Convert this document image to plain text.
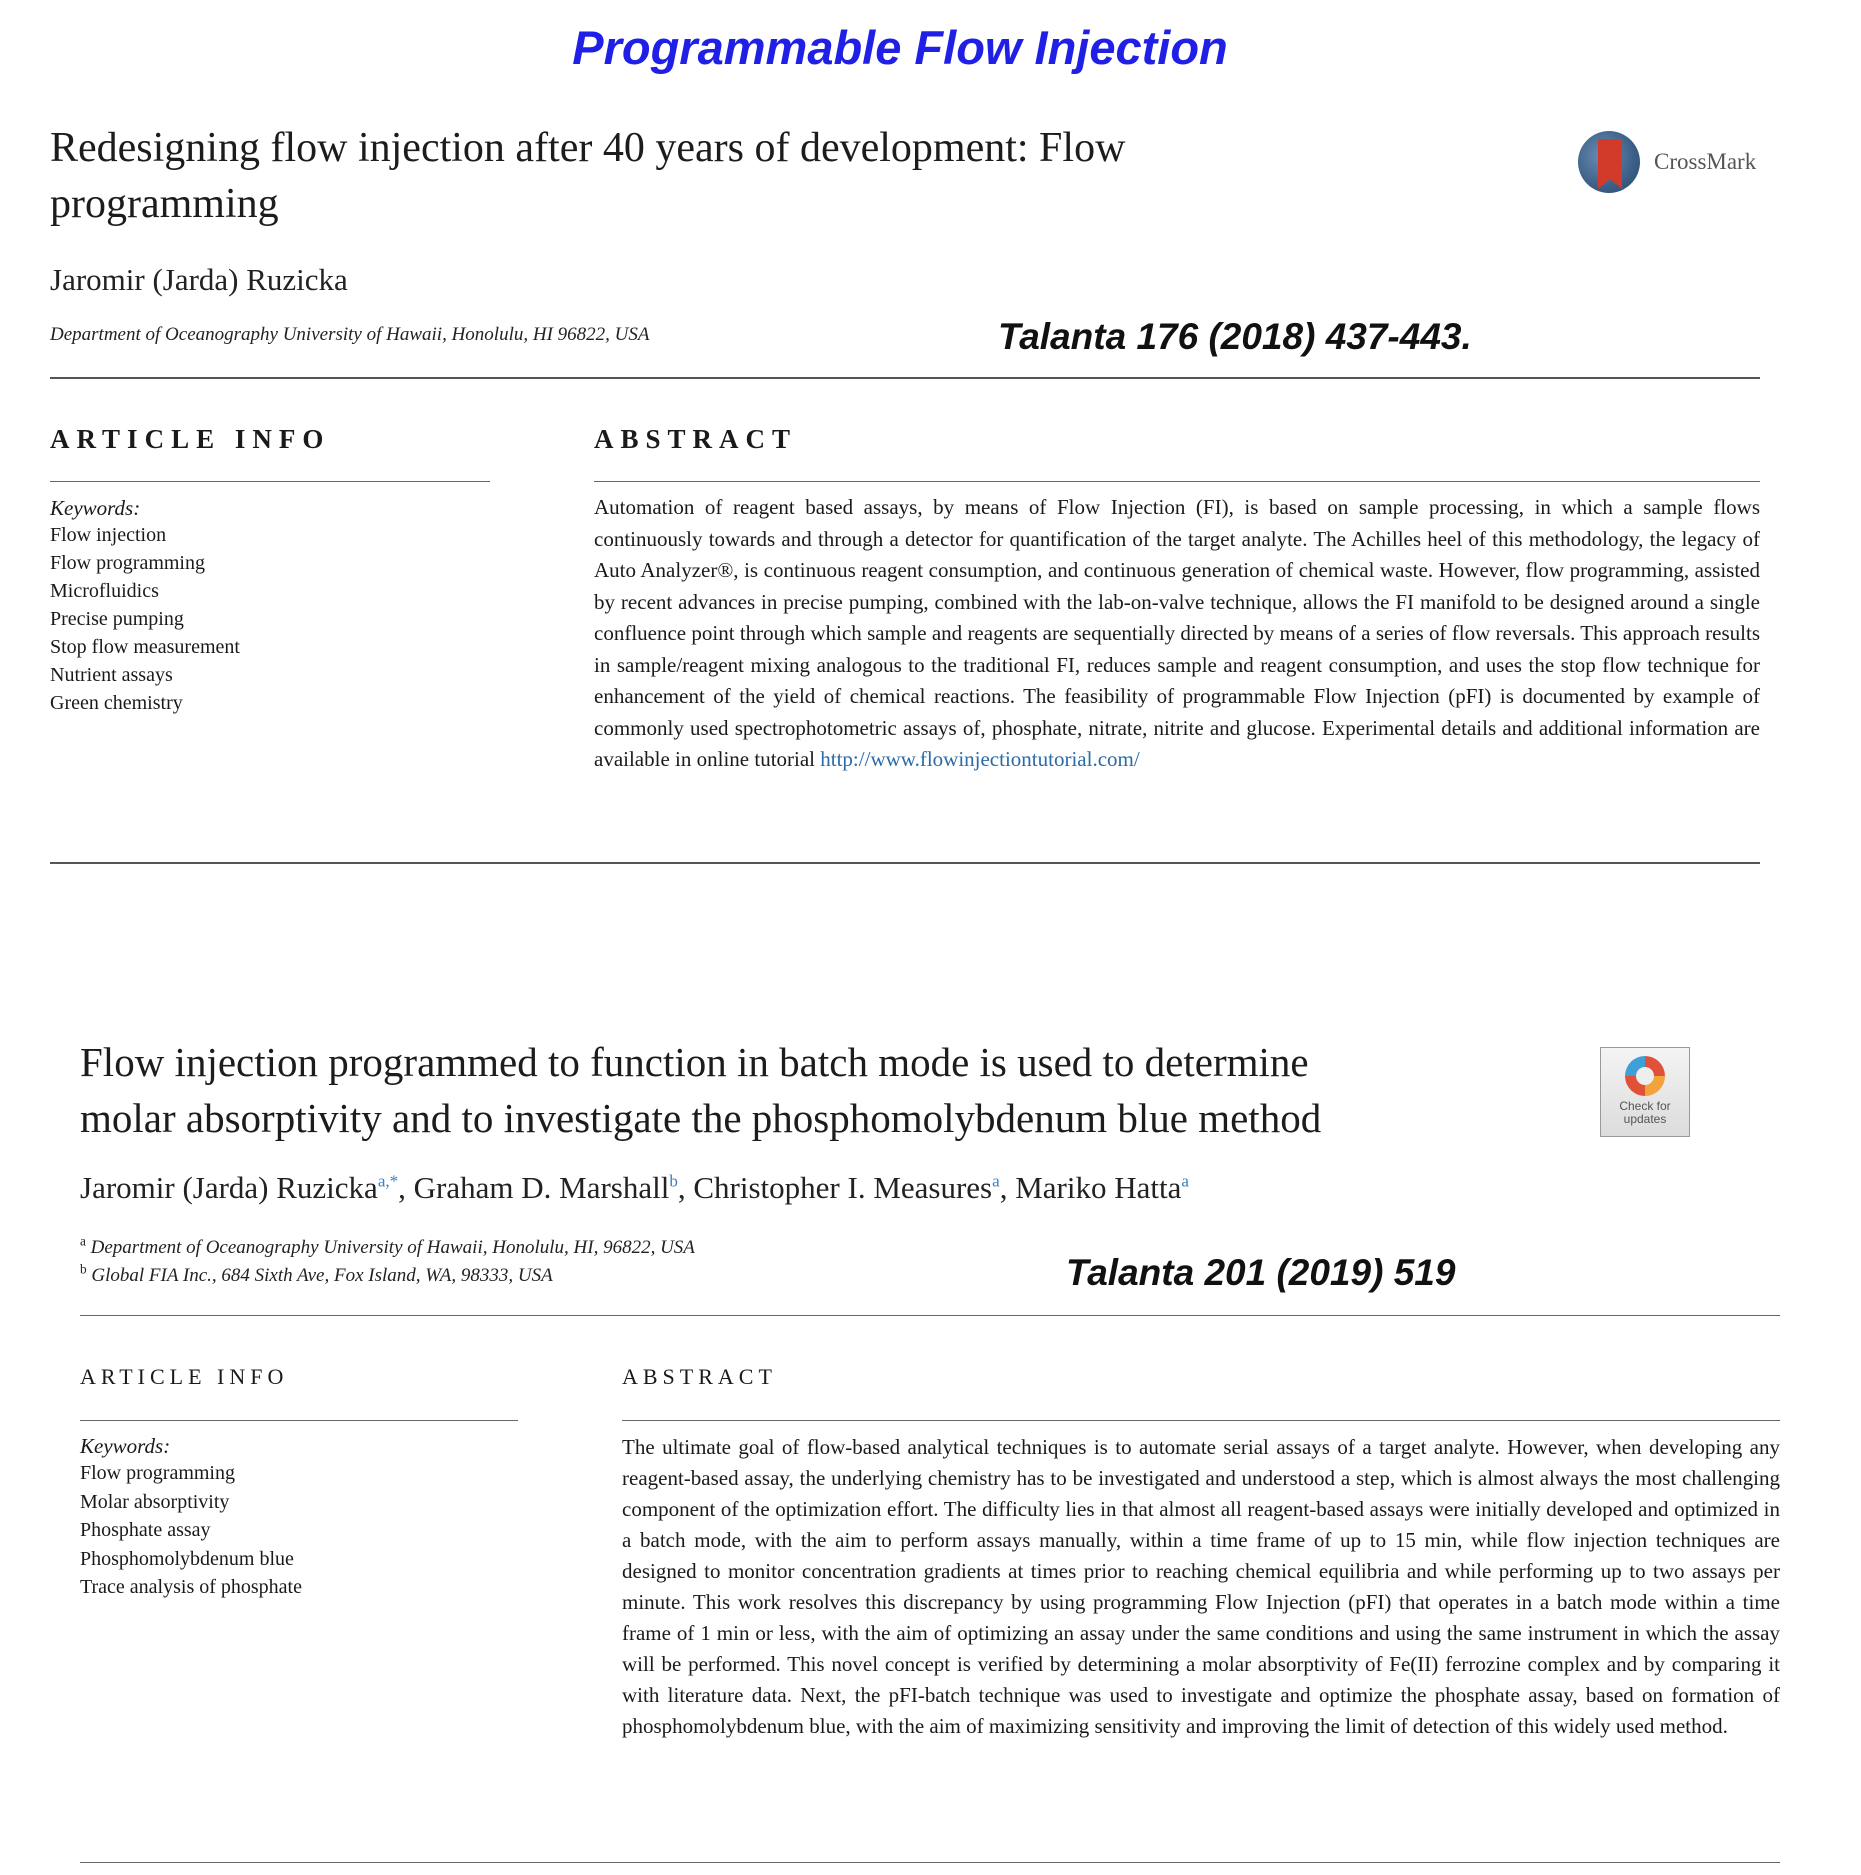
Programmable Flow Injection
Redesigning flow injection after 40 years of development: Flow
programming
CrossMark
Jaromir (Jarda) Ruzicka
Department of Oceanography University of Hawaii, Honolulu, HI 96822, USA	Talanta 176 (2018) 437-443.
ARTICLE INFO	ABSTRACT
Keywords:
Flow injection
Flow programming
Microfluidics
Precise pumping
Stop flow measurement
Nutrient assays
Green chemistry
Automation of reagent based assays, by means of Flow Injection (FI), is based on sample processing, in which a sample flows continuously towards and through a detector for quantification of the target analyte. The Achilles heel of this methodology, the legacy of Auto Analyzer®, is continuous reagent consumption, and continuous generation of chemical waste. However, flow programming, assisted by recent advances in precise pumping, combined with the lab-on-valve technique, allows the FI manifold to be designed around a single confluence point through which sample and reagents are sequentially directed by means of a series of flow reversals. This approach results in sample/reagent mixing analogous to the traditional FI, reduces sample and reagent consumption, and uses the stop flow technique for enhancement of the yield of chemical reactions. The feasibility of programmable Flow Injection (pFI) is documented by example of commonly used spectrophotometric assays of, phosphate, nitrate, nitrite and glucose. Experimental details and additional information are available in online tutorial http://www.flowinjectiontutorial.com/
Flow injection programmed to function in batch mode is used to determine
molar absorptivity and to investigate the phosphomolybdenum blue method	Check for
updates
Jaromir (Jarda) Ruzicka$^{a,*}$, Graham D. Marshall$^b$, Christopher I. Measures$^a$, Mariko Hatta$^a$
$^a$ Department of Oceanography University of Hawaii, Honolulu, HI, 96822, USA
$^b$ Global FIA Inc., 684 Sixth Ave, Fox Island, WA, 98333, USA	Talanta 201 (2019) 519
ARTICLE INFO	ABSTRACT
Keywords:
Flow programming
Molar absorptivity
Phosphate assay
Phosphomolybdenum blue
Trace analysis of phosphate
The ultimate goal of flow-based analytical techniques is to automate serial assays of a target analyte. However, when developing any reagent-based assay, the underlying chemistry has to be investigated and understood a step, which is almost always the most challenging component of the optimization effort. The difficulty lies in that almost all reagent-based assays were initially developed and optimized in a batch mode, with the aim to perform assays manually, within a time frame of up to 15 min, while flow injection techniques are designed to monitor concentration gradients at times prior to reaching chemical equilibria and while performing up to two assays per minute. This work resolves this discrepancy by using programming Flow Injection (pFI) that operates in a batch mode within a time frame of 1 min or less, with the aim of optimizing an assay under the same conditions and using the same instrument in which the assay will be performed. This novel concept is verified by determining a molar absorptivity of Fe(II) ferrozine complex and by comparing it with literature data. Next, the pFI-batch technique was used to investigate and optimize the phosphate assay, based on formation of phosphomolybdenum blue, with the aim of maximizing sensitivity and improving the limit of detection of this widely used method.
